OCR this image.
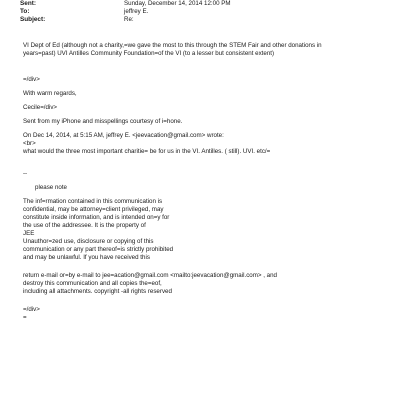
Sent:	Sunday, December 14, 2014 12:00 PM
To:	jeffrey E.
Subject:	Re:
VI Dept of Ed (although not a charity,=we gave the most to this through the STEM Fair and other donations in
years=past) UVI Antilles Community Foundation=of the VI (to a lesser but consistent extent)
=/div>
With warm regards,
Cecile=/div>
Sent from my iPhone and misspellings courtesy of i=hone.
On Dec 14, 2014, at 5:15 AM, jeffrey E. <jeevacation@gmail.com> wrote:
<br>
what would the three most important charitie= be for us in the VI. Antilles. ( still). UVI. etc/=
--
please note
The inf=rmation contained in this communication is
confidential, may be attorney=client privileged, may
constitute inside information, and is intended on=y for
the use of the addressee. It is the property of
JEE
Unauthor=zed use, disclosure or copying of this
communication or any part thereof=is strictly prohibited
and may be unlawful. If you have received this
return e-mail or=by e-mail to jee=acation@gmail.com <mailto:jeevacation@gmail.com> , and
destroy this communication and all copies the=eof,
including all attachments. copyright -all rights reserved
=/div>
=
